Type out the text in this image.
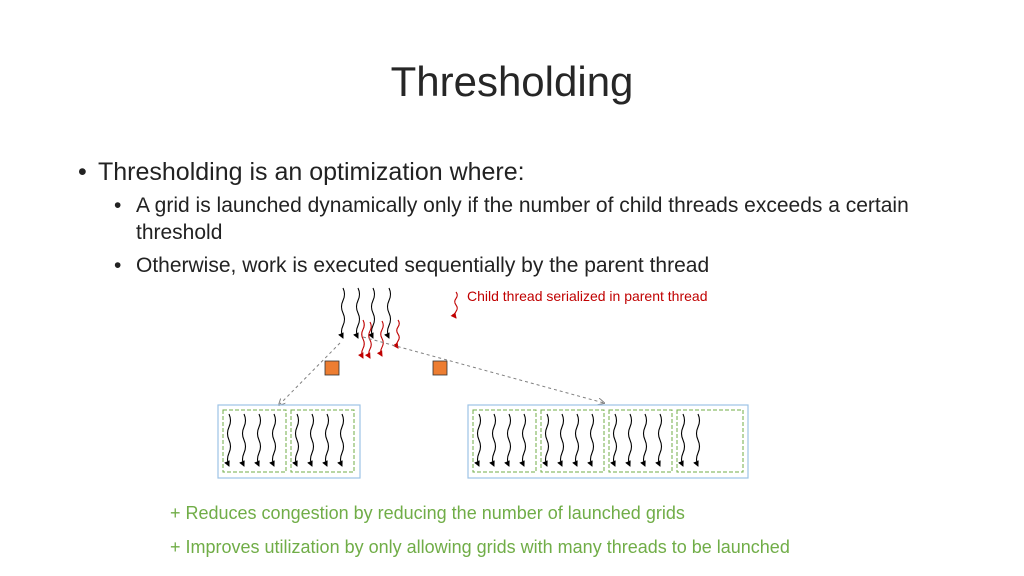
Thresholding
• Thresholding is an optimization where:
• A grid is launched dynamically only if the number of child threads exceeds a certain threshold
• Otherwise, work is executed sequentially by the parent thread
Child thread serialized in parent thread
+ Reduces congestion by reducing the number of launched grids
+ Improves utilization by only allowing grids with many threads to be launched
